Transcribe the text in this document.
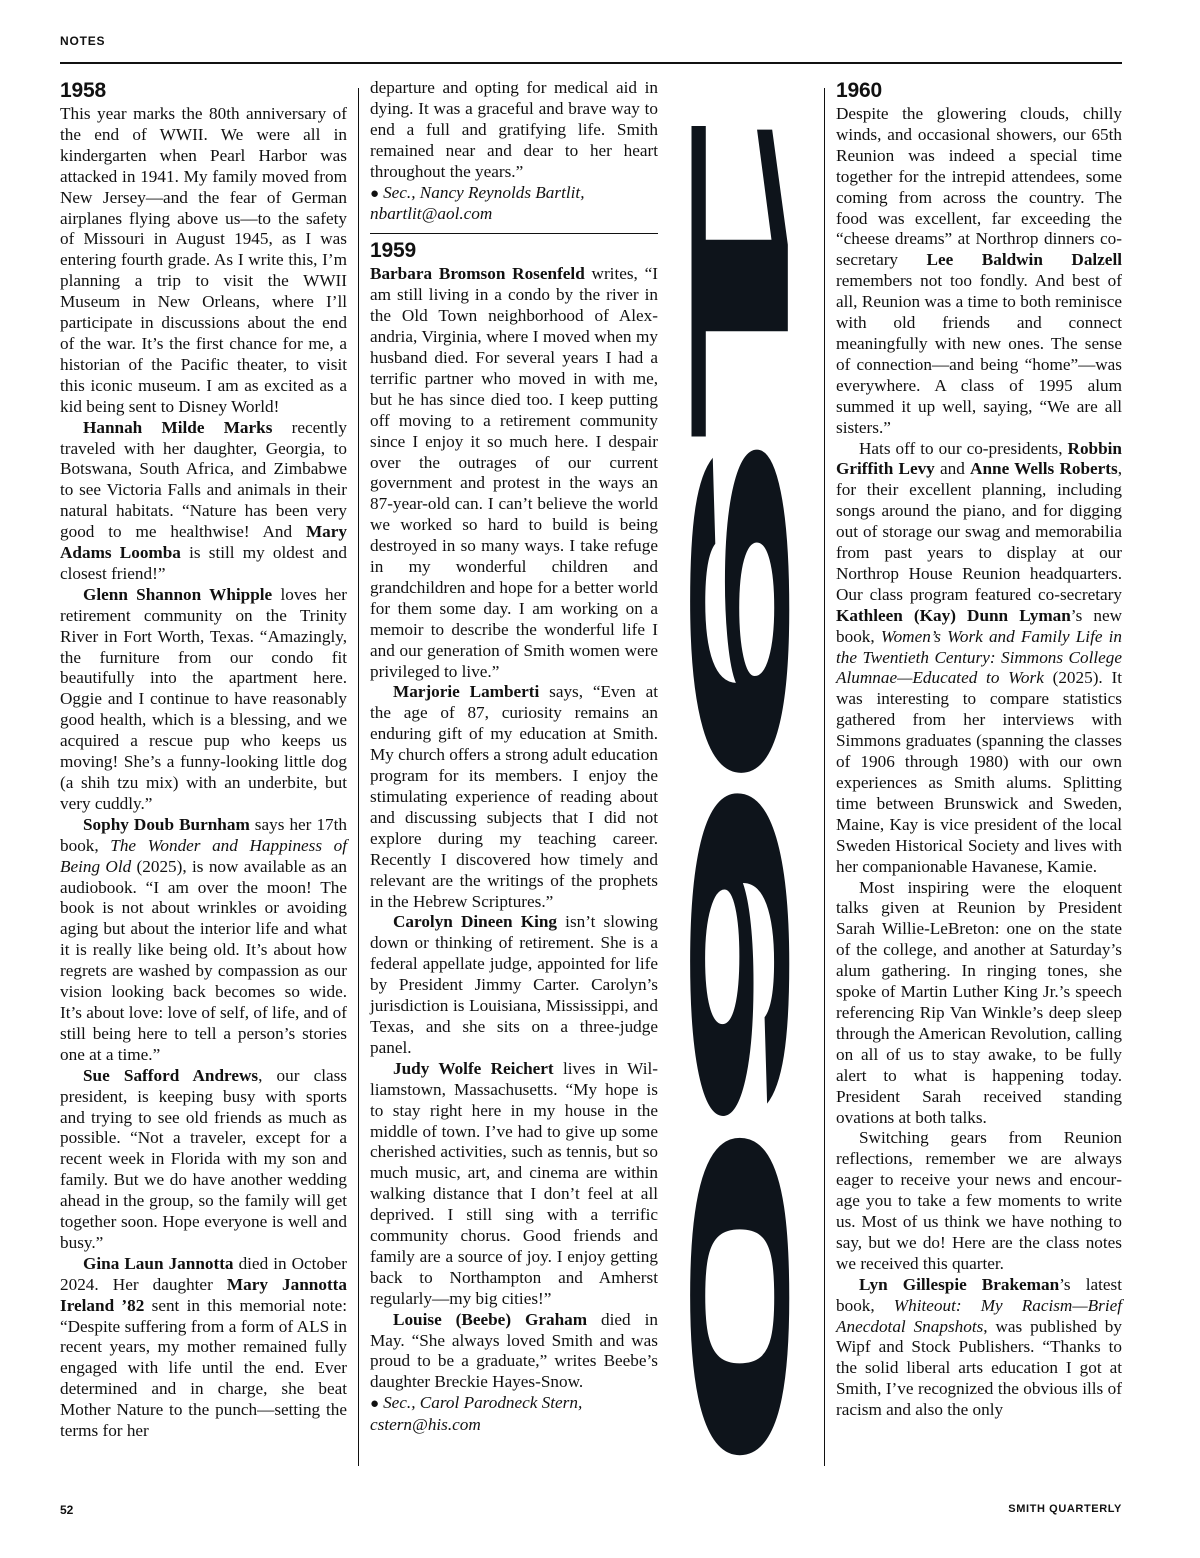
NOTES
1958

This year marks the 80th anniversary of the end of WWII. We were all in kindergarten when Pearl Harbor was attacked in 1941. My family moved from New Jersey—and the fear of German airplanes flying above us—to the safety of Missouri in August 1945, as I was entering fourth grade. As I write this, I’m planning a trip to visit the WWII Museum in New Orleans, where I’ll participate in discussions about the end of the war. It’s the first chance for me, a historian of the Pacific theater, to visit this iconic museum. I am as excited as a kid being sent to Disney World!

Hannah Milde Marks recently traveled with her daughter, Georgia, to Botswana, South Africa, and Zimbabwe to see Victoria Falls and animals in their natural habitats. “Nature has been very good to me healthwise! And Mary Adams Loomba is still my oldest and closest friend!”

Glenn Shannon Whipple loves her retirement community on the Trinity River in Fort Worth, Texas. “Amazingly, the furniture from our condo fit beautifully into the apartment here. Oggie and I continue to have reasonably good health, which is a blessing, and we acquired a rescue pup who keeps us moving! She’s a funny-looking little dog (a shih tzu mix) with an underbite, but very cuddly.”

Sophy Doub Burnham says her 17th book, The Wonder and Happiness of Being Old (2025), is now available as an audiobook. “I am over the moon! The book is not about wrinkles or avoiding aging but about the interior life and what it is really like being old. It’s about how regrets are washed by compassion as our vision looking back becomes so wide. It’s about love: love of self, of life, and of still being here to tell a person’s stories one at a time.”

Sue Safford Andrews, our class president, is keeping busy with sports and trying to see old friends as much as possible. “Not a traveler, except for a recent week in Florida with my son and family. But we do have another wedding ahead in the group, so the family will get together soon. Hope everyone is well and busy.”

Gina Laun Jannotta died in October 2024. Her daughter Mary Jannotta Ireland ’82 sent in this memorial note: “Despite suffering from a form of ALS in recent years, my mother remained fully engaged with life until the end. Ever determined and in charge, she beat Mother Nature to the punch—setting the terms for her

departure and opting for medical aid in dying. It was a graceful and brave way to end a full and gratifying life. Smith remained near and dear to her heart throughout the years.”

● Sec., Nancy Reynolds Bartlit,
nbartlit@aol.com

1959

Barbara Bromson Rosenfeld writes, “I am still living in a condo by the river in the Old Town neighborhood of Alexandria, Virginia, where I moved when my husband died. For several years I had a terrific partner who moved in with me, but he has since died too. I keep putting off moving to a retirement community since I enjoy it so much here. I despair over the outrages of our current government and protest in the ways an 87-year-old can. I can’t believe the world we worked so hard to build is being destroyed in so many ways. I take refuge in my wonderful children and grandchildren and hope for a better world for them some day. I am working on a memoir to describe the wonderful life I and our generation of Smith women were privileged to live.”

Marjorie Lamberti says, “Even at the age of 87, curiosity remains an enduring gift of my education at Smith. My church offers a strong adult education program for its members. I enjoy the stimulating experience of reading about and discussing subjects that I did not explore during my teaching career. Recently I discovered how timely and relevant are the writings of the prophets in the Hebrew Scriptures.”

Carolyn Dineen King isn’t slowing down or thinking of retirement. She is a federal appellate judge, appointed for life by President Jimmy Carter. Carolyn’s jurisdiction is Louisiana, Mississippi, and Texas, and she sits on a three-judge panel.

Judy Wolfe Reichert lives in Williamstown, Massachusetts. “My hope is to stay right here in my house in the middle of town. I’ve had to give up some cherished activities, such as tennis, but so much music, art, and cinema are within walking distance that I don’t feel at all deprived. I still sing with a terrific community chorus. Good friends and family are a source of joy. I enjoy getting back to Northampton and Amherst regularly—my big cities!”

Louise (Beebe) Graham died in May. “She always loved Smith and was proud to be a graduate,” writes Beebe’s daughter Breckie Hayes-Snow.

● Sec., Carol Parodneck Stern,
cstern@his.com

1960 1960

Despite the glowering clouds, chilly winds, and occasional showers, our 65th Reunion was indeed a special time together for the intrepid attendees, some coming from across the country. The food was excellent, far exceeding the “cheese dreams” at Northrop dinners co-secretary Lee Baldwin Dalzell remembers not too fondly. And best of all, Reunion was a time to both reminisce with old friends and connect meaningfully with new ones. The sense of connection—and being “home”—was everywhere. A class of 1995 alum summed it up well, saying, “We are all sisters.”

Hats off to our co-presidents, Robbin Griffith Levy and Anne Wells Roberts, for their excellent planning, including songs around the piano, and for digging out of storage our swag and memorabilia from past years to display at our Northrop House Reunion headquarters. Our class program featured co-secretary Kathleen (Kay) Dunn Lyman’s new book, Women’s Work and Family Life in the Twentieth Century: Simmons College Alumnae—Educated to Work (2025). It was interesting to compare statistics gathered from her interviews with Simmons graduates (spanning the classes of 1906 through 1980) with our own experiences as Smith alums. Splitting time between Brunswick and Sweden, Maine, Kay is vice president of the local Sweden Historical Society and lives with her companionable Havanese, Kamie.

Most inspiring were the eloquent talks given at Reunion by President Sarah Willie-LeBreton: one on the state of the college, and another at Saturday’s alum gathering. In ringing tones, she spoke of Martin Luther King Jr.’s speech referencing Rip Van Winkle’s deep sleep through the American Revolution, calling on all of us to stay awake, to be fully alert to what is happening today. President Sarah received standing ovations at both talks.

Switching gears from Reunion reflections, remember we are always eager to receive your news and encourage you to take a few moments to write us. Most of us think we have nothing to say, but we do! Here are the class notes we received this quarter.

Lyn Gillespie Brakeman’s latest book, Whiteout: My Racism—Brief Anecdotal Snapshots, was published by Wipf and Stock Publishers. “Thanks to the solid liberal arts education I got at Smith, I’ve recognized the obvious ills of racism and also the only

52	SMITH QUARTERLY
